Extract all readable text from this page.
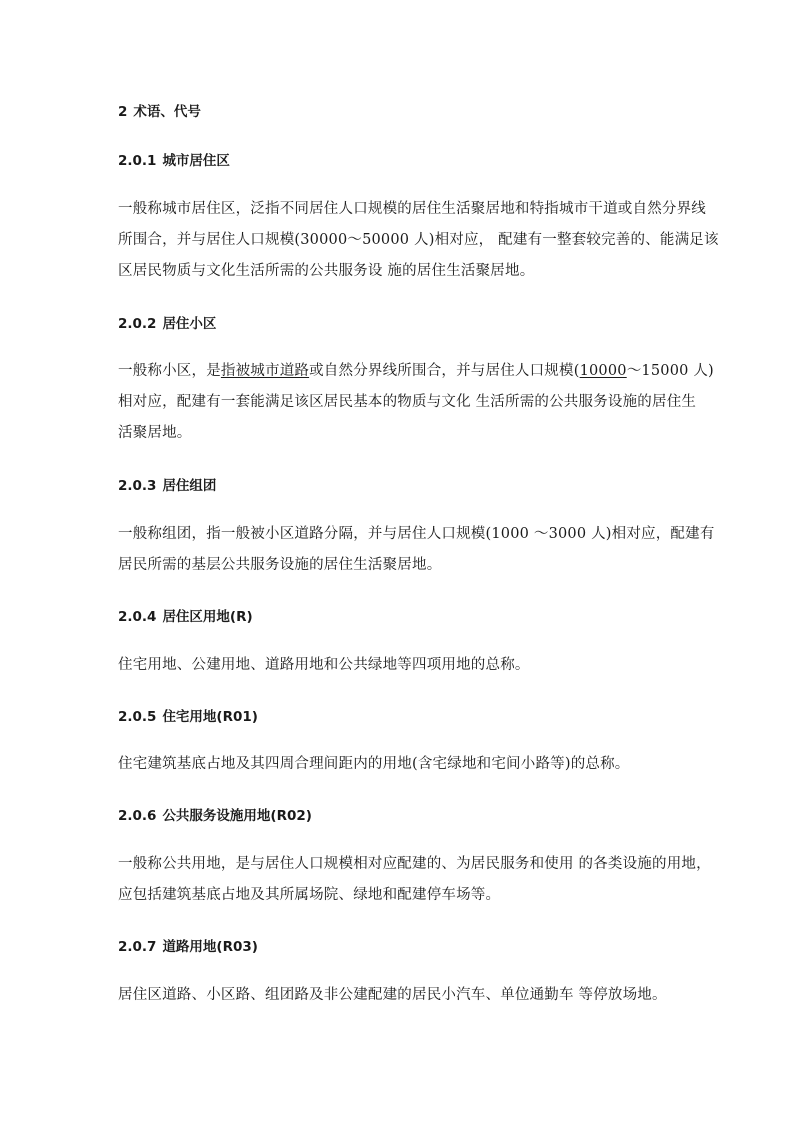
2 术语、代号

2.0.1 城市居住区

一般称城市居住区，泛指不同居住人口规模的居住生活聚居地和特指城市干道或自然分界线
所围合，并与居住人口规模(30000～50000 人)相对应， 配建有一整套较完善的、能满足该
区居民物质与文化生活所需的公共服务设 施的居住生活聚居地。

2.0.2 居住小区

一般称小区，是指被城市道路或自然分界线所围合，并与居住人口规模(10000～15000 人)
相对应，配建有一套能满足该区居民基本的物质与文化 生活所需的公共服务设施的居住生
活聚居地。

2.0.3 居住组团

一般称组团，指一般被小区道路分隔，并与居住人口规模(1000 ～3000 人)相对应，配建有
居民所需的基层公共服务设施的居住生活聚居地。

2.0.4 居住区用地(R)

住宅用地、公建用地、道路用地和公共绿地等四项用地的总称。

2.0.5 住宅用地(R01)

住宅建筑基底占地及其四周合理间距内的用地(含宅绿地和宅间小路等)的总称。

2.0.6 公共服务设施用地(R02)

一般称公共用地，是与居住人口规模相对应配建的、为居民服务和使用 的各类设施的用地，
应包括建筑基底占地及其所属场院、绿地和配建停车场等。

2.0.7 道路用地(R03)

居住区道路、小区路、组团路及非公建配建的居民小汽车、单位通勤车 等停放场地。
